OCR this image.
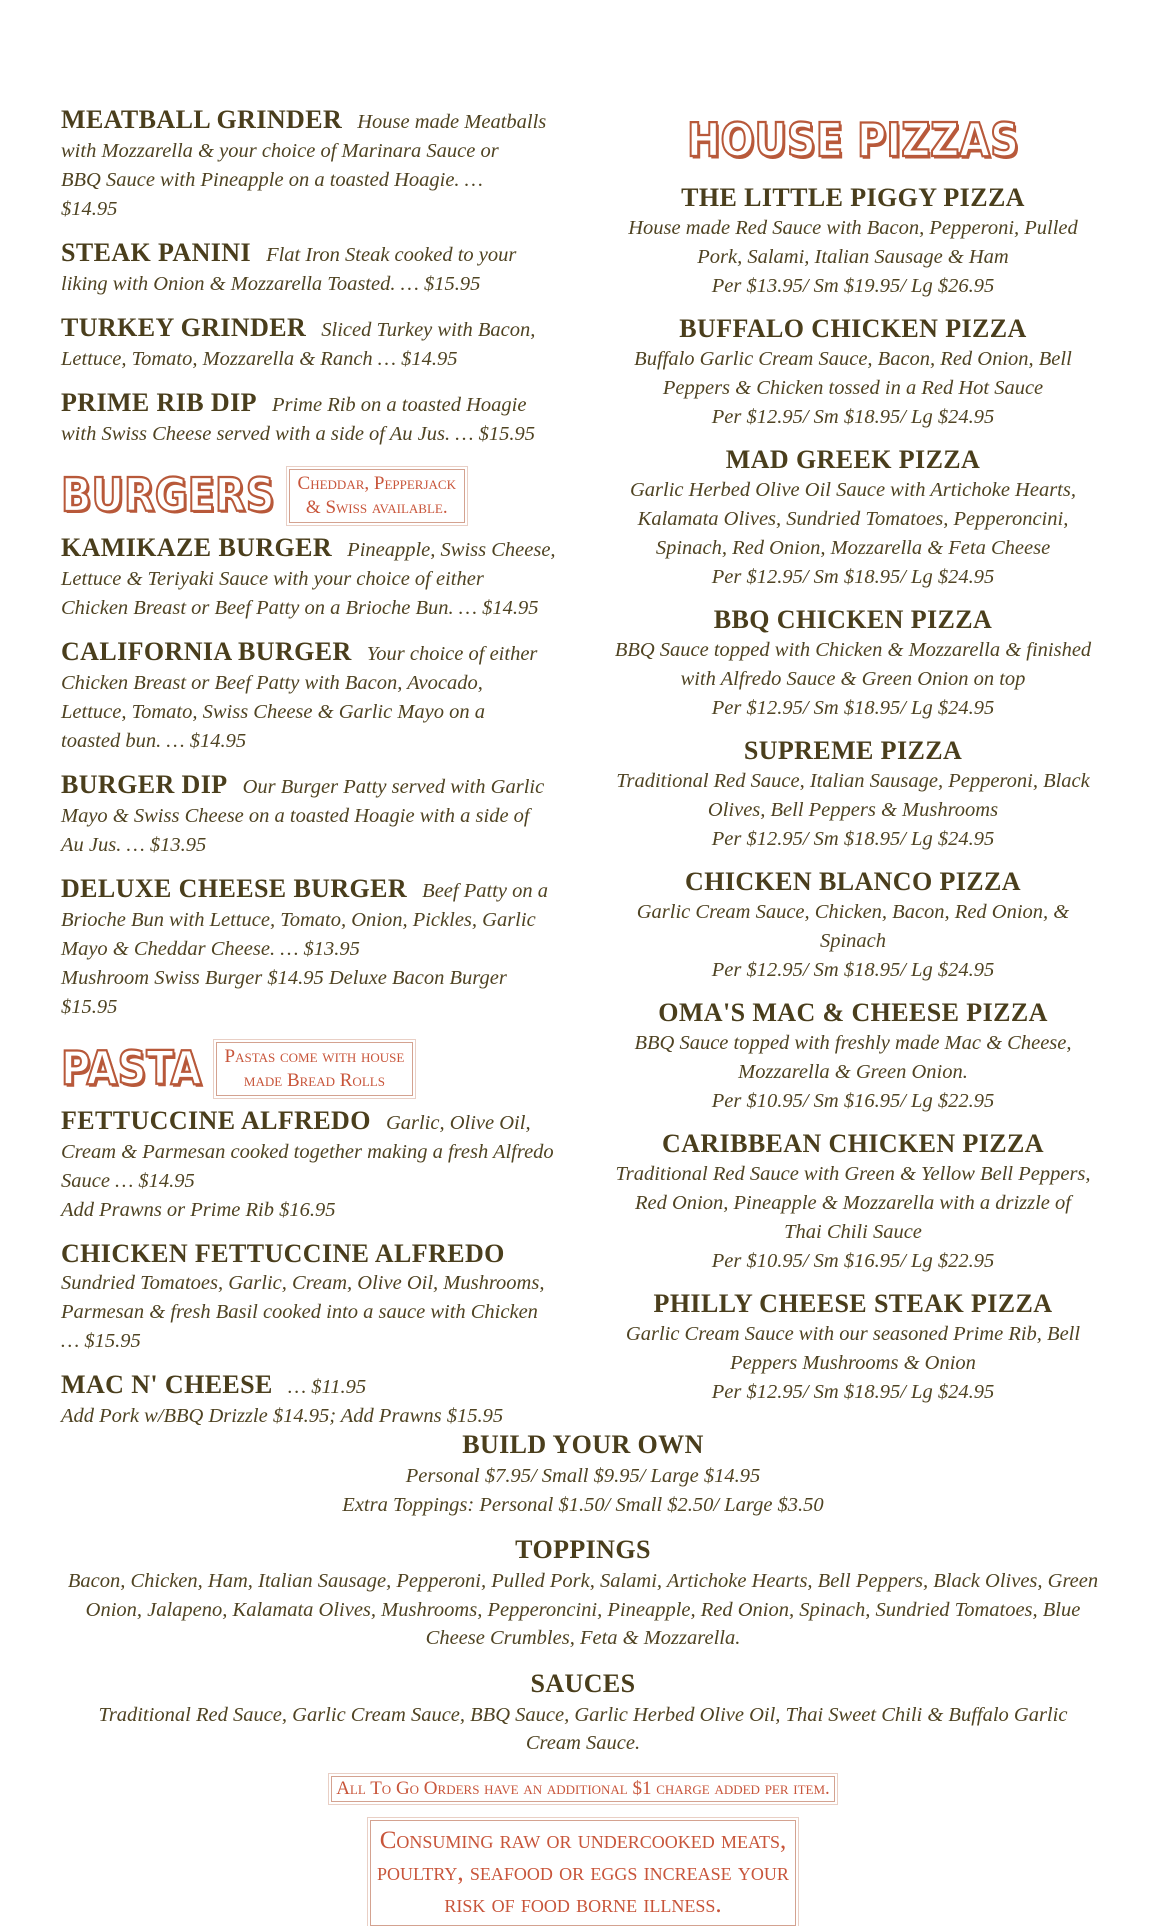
MEATBALL GRINDER House made Meatballs
with Mozzarella & your choice of Marinara Sauce or
BBQ Sauce with Pineapple on a toasted Hoagie. …
$14.95
STEAK PANINI Flat Iron Steak cooked to your
liking with Onion & Mozzarella Toasted. … $15.95
TURKEY GRINDER Sliced Turkey with Bacon,
Lettuce, Tomato, Mozzarella & Ranch … $14.95
PRIME RIB DIP Prime Rib on a toasted Hoagie
with Swiss Cheese served with a side of Au Jus. … $15.95
BURGERS Cheddar, Pepperjack
& Swiss available.
KAMIKAZE BURGER Pineapple, Swiss Cheese,
Lettuce & Teriyaki Sauce with your choice of either
Chicken Breast or Beef Patty on a Brioche Bun. … $14.95
CALIFORNIA BURGER Your choice of either
Chicken Breast or Beef Patty with Bacon, Avocado,
Lettuce, Tomato, Swiss Cheese & Garlic Mayo on a
toasted bun. … $14.95
BURGER DIP Our Burger Patty served with Garlic
Mayo & Swiss Cheese on a toasted Hoagie with a side of
Au Jus. … $13.95
DELUXE CHEESE BURGER Beef Patty on a
Brioche Bun with Lettuce, Tomato, Onion, Pickles, Garlic
Mayo & Cheddar Cheese. … $13.95
Mushroom Swiss Burger $14.95 Deluxe Bacon Burger
$15.95
PASTA Pastas come with house
made Bread Rolls
FETTUCCINE ALFREDO Garlic, Olive Oil,
Cream & Parmesan cooked together making a fresh Alfredo
Sauce … $14.95
Add Prawns or Prime Rib $16.95
CHICKEN FETTUCCINE ALFREDO
Sundried Tomatoes, Garlic, Cream, Olive Oil, Mushrooms,
Parmesan & fresh Basil cooked into a sauce with Chicken
… $15.95
MAC N' CHEESE … $11.95
Add Pork w/BBQ Drizzle $14.95; Add Prawns $15.95
HOUSE PIZZAS
THE LITTLE PIGGY PIZZA
House made Red Sauce with Bacon, Pepperoni, Pulled
Pork, Salami, Italian Sausage & Ham
Per $13.95/ Sm $19.95/ Lg $26.95
BUFFALO CHICKEN PIZZA
Buffalo Garlic Cream Sauce, Bacon, Red Onion, Bell
Peppers & Chicken tossed in a Red Hot Sauce
Per $12.95/ Sm $18.95/ Lg $24.95
MAD GREEK PIZZA
Garlic Herbed Olive Oil Sauce with Artichoke Hearts,
Kalamata Olives, Sundried Tomatoes, Pepperoncini,
Spinach, Red Onion, Mozzarella & Feta Cheese
Per $12.95/ Sm $18.95/ Lg $24.95
BBQ CHICKEN PIZZA
BBQ Sauce topped with Chicken & Mozzarella & finished
with Alfredo Sauce & Green Onion on top
Per $12.95/ Sm $18.95/ Lg $24.95
SUPREME PIZZA
Traditional Red Sauce, Italian Sausage, Pepperoni, Black
Olives, Bell Peppers & Mushrooms
Per $12.95/ Sm $18.95/ Lg $24.95
CHICKEN BLANCO PIZZA
Garlic Cream Sauce, Chicken, Bacon, Red Onion, &
Spinach
Per $12.95/ Sm $18.95/ Lg $24.95
OMA'S MAC & CHEESE PIZZA
BBQ Sauce topped with freshly made Mac & Cheese,
Mozzarella & Green Onion.
Per $10.95/ Sm $16.95/ Lg $22.95
CARIBBEAN CHICKEN PIZZA
Traditional Red Sauce with Green & Yellow Bell Peppers,
Red Onion, Pineapple & Mozzarella with a drizzle of
Thai Chili Sauce
Per $10.95/ Sm $16.95/ Lg $22.95
PHILLY CHEESE STEAK PIZZA
Garlic Cream Sauce with our seasoned Prime Rib, Bell
Peppers Mushrooms & Onion
Per $12.95/ Sm $18.95/ Lg $24.95
BUILD YOUR OWN
Personal $7.95/ Small $9.95/ Large $14.95
Extra Toppings: Personal $1.50/ Small $2.50/ Large $3.50
TOPPINGS
Bacon, Chicken, Ham, Italian Sausage, Pepperoni, Pulled Pork, Salami, Artichoke Hearts, Bell Peppers, Black Olives, Green
Onion, Jalapeno, Kalamata Olives, Mushrooms, Pepperoncini, Pineapple, Red Onion, Spinach, Sundried Tomatoes, Blue
Cheese Crumbles, Feta & Mozzarella.
SAUCES
Traditional Red Sauce, Garlic Cream Sauce, BBQ Sauce, Garlic Herbed Olive Oil, Thai Sweet Chili & Buffalo Garlic
Cream Sauce.
All To Go Orders have an additional $1 charge added per item.
Consuming raw or undercooked meats,
poultry, seafood or eggs increase your
risk of food borne illness.
